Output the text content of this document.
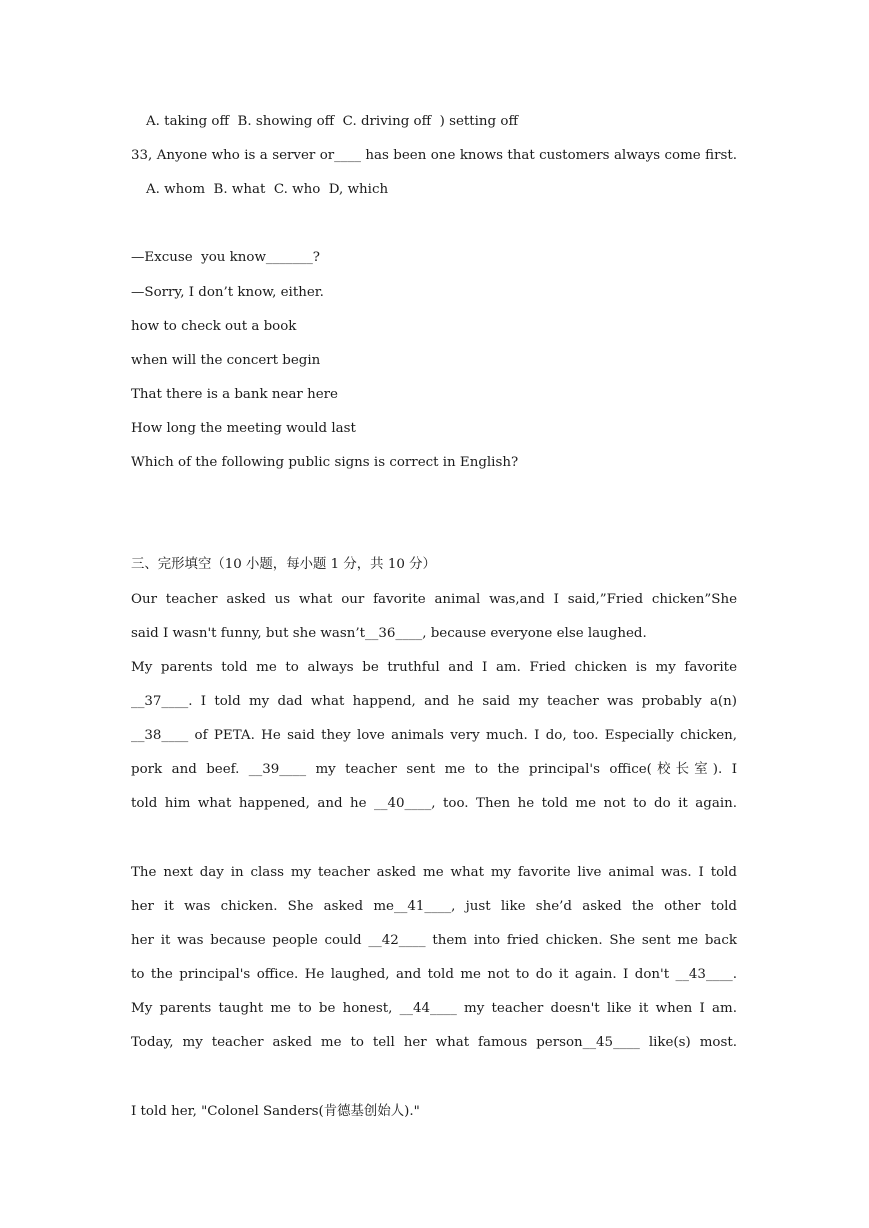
A. taking off  B. showing off  C. driving off  ) setting off
33, Anyone who is a server or____ has been one knows that customers always come first.
A. whom  B. what  C. who  D, which
—Excuse  you know_______?
—Sorry, I don’t know, either.
how to check out a book
when will the concert begin
That there is a bank near here
How long the meeting would last
Which of the following public signs is correct in English?
三、完形填空（10 小题，每小题 1 分，共 10 分）
Our teacher asked us what our favorite animal was,and I said,”Fried chicken”She
said I wasn't funny, but she wasn’t__36____, because everyone else laughed.
My parents told me to always be truthful and I am. Fried chicken is my favorite
__37____. I told my dad what happend, and he said my teacher was probably a(n)
__38____ of PETA. He said they love animals very much. I do, too. Especially chicken,
pork and beef. __39____ my teacher sent me to the principal's office(校长室). I
told him what happened, and he __40____, too. Then he told me not to do it again.
The next day in class my teacher asked me what my favorite live animal was. I told
her it was chicken. She asked me__41____, just like she’d asked the other told
her it was because people could __42____ them into fried chicken. She sent me back
to the principal's office. He laughed, and told me not to do it again. I don't __43____.
My parents taught me to be honest, __44____ my teacher doesn't like it when I am.
Today, my teacher asked me to tell her what famous person__45____ like(s) most.
I told her, "Colonel Sanders(肯德基创始人)."
